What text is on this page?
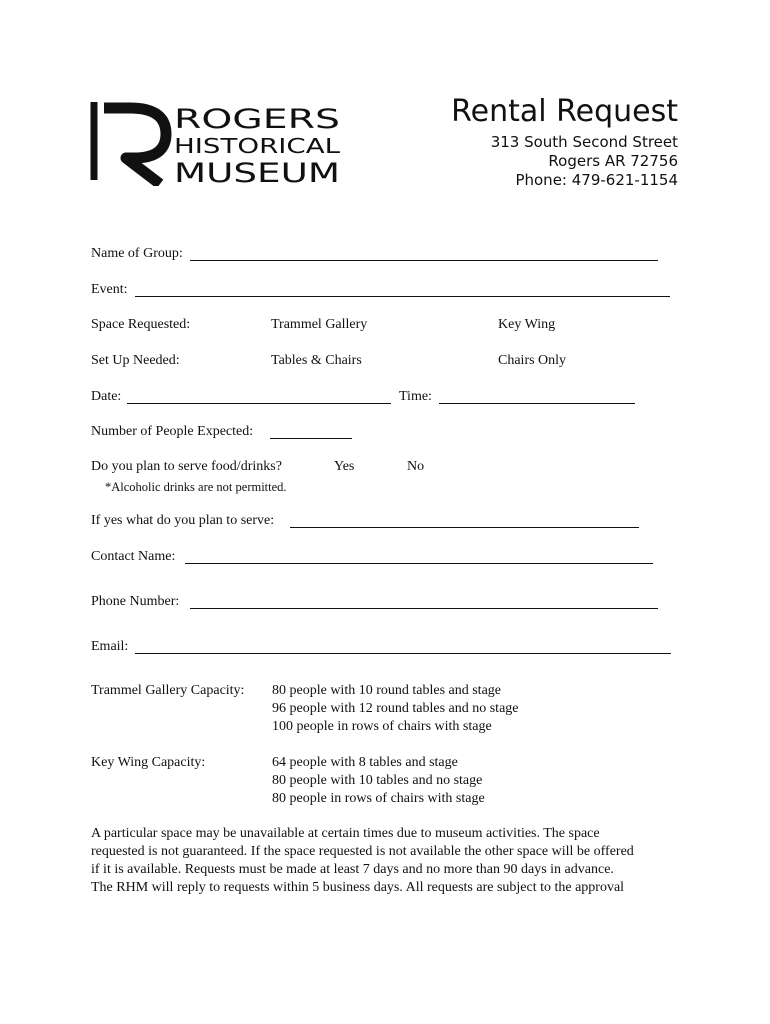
ROGERS
HISTORICAL
MUSEUM
Rental Request
313 South Second Street
Rogers AR 72756
Phone: 479-621-1154
Name of Group:
Event:
Space Requested:	Trammel Gallery	Key Wing
Set Up Needed:	Tables & Chairs	Chairs Only
Date:	Time:
Number of People Expected:
Do you plan to serve food/drinks?	Yes	No
*Alcoholic drinks are not permitted.
If yes what do you plan to serve:
Contact Name:
Phone Number:
Email:
Trammel Gallery Capacity: 80 people with 10 round tables and stage
96 people with 12 round tables and no stage
100 people in rows of chairs with stage
Key Wing Capacity:	64 people with 8 tables and stage
80 people with 10 tables and no stage
80 people in rows of chairs with stage
A particular space may be unavailable at certain times due to museum activities. The space
requested is not guaranteed. If the space requested is not available the other space will be offered
if it is available. Requests must be made at least 7 days and no more than 90 days in advance.
The RHM will reply to requests within 5 business days. All requests are subject to the approval
